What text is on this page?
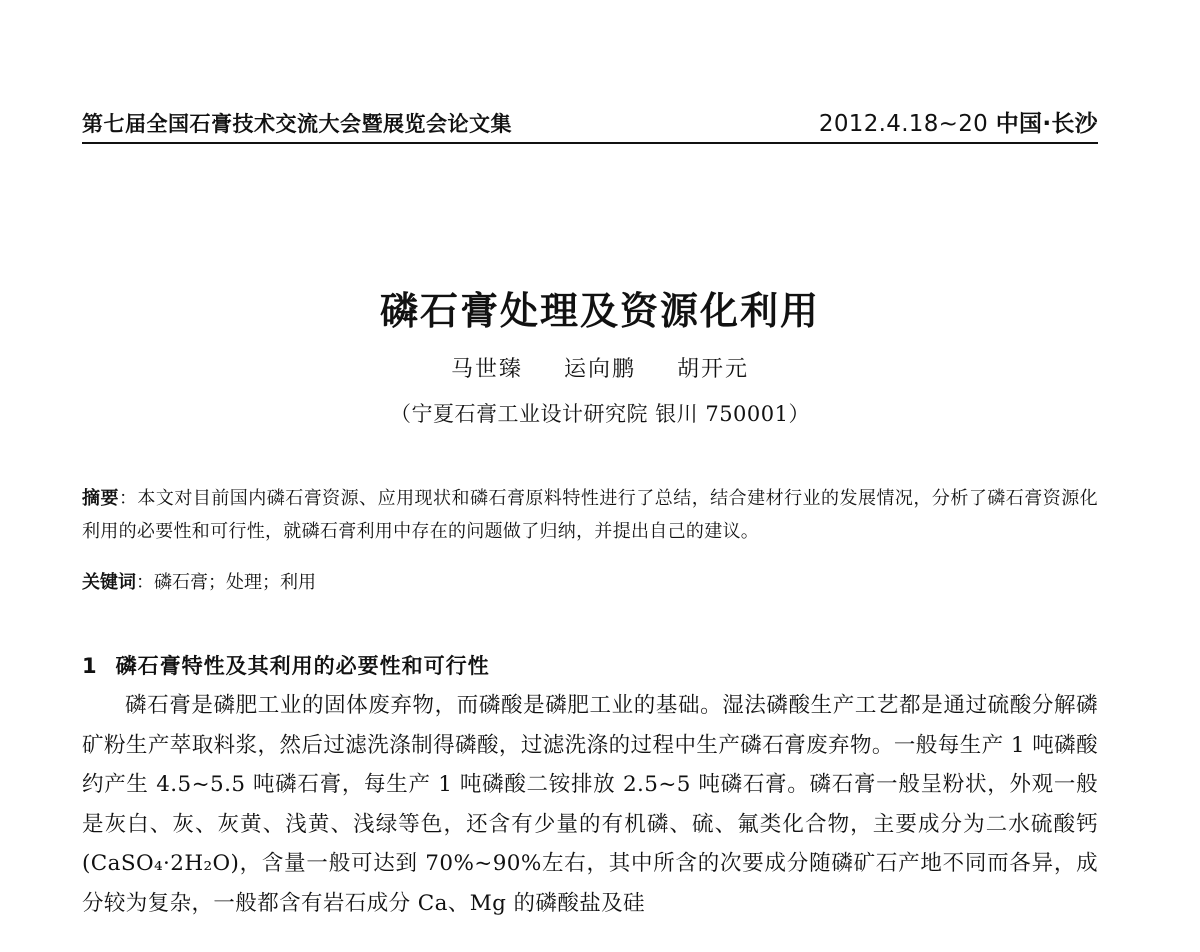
第七届全国石膏技术交流大会暨展览会论文集	2012.4.18~20 中国·长沙
磷石膏处理及资源化利用
马世臻 运向鹏 胡开元
（宁夏石膏工业设计研究院 银川 750001）
摘要：本文对目前国内磷石膏资源、应用现状和磷石膏原料特性进行了总结，结合建材行业的发展情况，分析了磷石膏资源化利用的必要性和可行性，就磷石膏利用中存在的问题做了归纳，并提出自己的建议。
关键词：磷石膏；处理；利用
1 磷石膏特性及其利用的必要性和可行性
磷石膏是磷肥工业的固体废弃物，而磷酸是磷肥工业的基础。湿法磷酸生产工艺都是通过硫酸分解磷矿粉生产萃取料浆，然后过滤洗涤制得磷酸，过滤洗涤的过程中生产磷石膏废弃物。一般每生产 1 吨磷酸约产生 4.5~5.5 吨磷石膏，每生产 1 吨磷酸二铵排放 2.5~5 吨磷石膏。磷石膏一般呈粉状，外观一般是灰白、灰、灰黄、浅黄、浅绿等色，还含有少量的有机磷、硫、氟类化合物，主要成分为二水硫酸钙(CaSO₄·2H₂O)，含量一般可达到 70%~90%左右，其中所含的次要成分随磷矿石产地不同而各异，成分较为复杂，一般都含有岩石成分 Ca、Mg 的磷酸盐及硅
